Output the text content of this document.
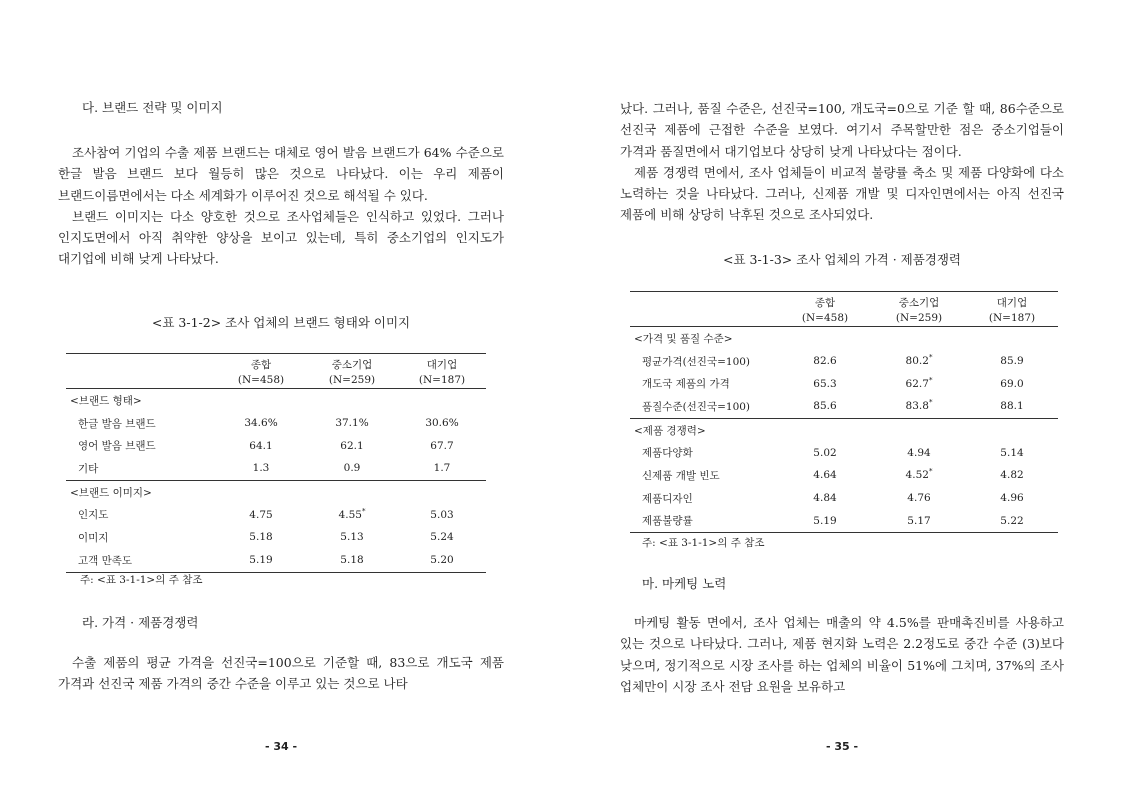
다. 브랜드 전략 및 이미지

조사참여 기업의 수출 제품 브랜드는 대체로 영어 발음 브랜드가 64% 수준으로 한글 발음 브랜드 보다 월등히 많은 것으로 나타났다. 이는 우리 제품이 브랜드이름면에서는 다소 세계화가 이루어진 것으로 해석될 수 있다.

브랜드 이미지는 다소 양호한 것으로 조사업체들은 인식하고 있었다. 그러나 인지도면에서 아직 취약한 양상을 보이고 있는데, 특히 중소기업의 인지도가 대기업에 비해 낮게 나타났다.

<표 3-1-2> 조사 업체의 브랜드 형태와 이미지
	종합	중소기업	대기업
	(N=458)	(N=259)	(N=187)
<브랜드 형태>			
한글 발음 브랜드	34.6%	37.1%	30.6%
영어 발음 브랜드	64.1	62.1	67.7
기타	1.3	0.9	1.7
<브랜드 이미지>			
인지도	4.75	4.55*	5.03
이미지	5.18	5.13	5.24
고객 만족도	5.19	5.18	5.20
주: <표 3-1-1>의 주 참조
라. 가격 · 제품경쟁력

수출 제품의 평균 가격을 선진국=100으로 기준할 때, 83으로 개도국 제품 가격과 선진국 제품 가격의 중간 수준을 이루고 있는 것으로 나타

- 34 -

났다. 그러나, 품질 수준은, 선진국=100, 개도국=0으로 기준 할 때, 86수준으로 선진국 제품에 근접한 수준을 보였다. 여기서 주목할만한 점은 중소기업들이 가격과 품질면에서 대기업보다 상당히 낮게 나타났다는 점이다.

제품 경쟁력 면에서, 조사 업체들이 비교적 불량률 축소 및 제품 다양화에 다소 노력하는 것을 나타났다. 그러나, 신제품 개발 및 디자인면에서는 아직 선진국 제품에 비해 상당히 낙후된 것으로 조사되었다.

<표 3-1-3> 조사 업체의 가격 · 제품경쟁력
	종합	중소기업	대기업
	(N=458)	(N=259)	(N=187)
<가격 및 품질 수준>			
평균가격(선진국=100)	82.6	80.2*	85.9
개도국 제품의 가격	65.3	62.7*	69.0
품질수준(선진국=100)	85.6	83.8*	88.1
<제품 경쟁력>			
제품다양화	5.02	4.94	5.14
신제품 개발 빈도	4.64	4.52*	4.82
제품디자인	4.84	4.76	4.96
제품불량률	5.19	5.17	5.22
주: <표 3-1-1>의 주 참조
마. 마케팅 노력

마케팅 활동 면에서, 조사 업체는 매출의 약 4.5%를 판매촉진비를 사용하고 있는 것으로 나타났다. 그러나, 제품 현지화 노력은 2.2정도로 중간 수준 (3)보다 낮으며, 정기적으로 시장 조사를 하는 업체의 비율이 51%에 그치며, 37%의 조사 업체만이 시장 조사 전담 요원을 보유하고

- 35 -
